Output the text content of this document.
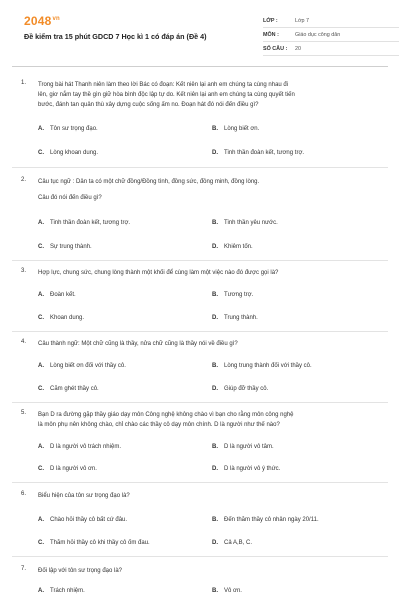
$2048^{vn}$
Đề kiểm tra 15 phút GDCD 7 Học kì 1 có đáp án (Đề 4)
LỚP :	Lớp 7
MÔN :	Giáo dục công dân
SỐ CÂU :	20
1. Trong bài hát Thanh niên làm theo lời Bác có đoạn: Kết niên lại anh em chúng ta cùng nhau đi
lên, giơ nắm tay thề gìn giữ hòa bình độc lập tự do. Kết niên lại anh em chúng ta cùng quyết tiến
bước, đánh tan quân thù xây dựng cuộc sống ấm no. Đoạn hát đó nói đến điều gì?
A. Tôn sư trọng đạo.	B. Lòng biết ơn.
C. Lòng khoan dung.	D. Tinh thần đoàn kết, tương trợ.
2. Câu tục ngữ : Dân ta có một chữ đồng/Đồng tình, đồng sức, đồng minh, đồng lòng.
Câu đó nói đến điều gì?
A. Tinh thần đoàn kết, tương trợ.	B. Tinh thần yêu nước.
C. Sự trung thành.	D. Khiêm tốn.
3. Hợp lực, chung sức, chung lòng thành một khối để cùng làm một việc nào đó được gọi là?
A. Đoàn kết.	B. Tương trợ.
C. Khoan dung.	D. Trung thành.
4. Câu thành ngữ: Một chữ cũng là thầy, nửa chữ cũng là thầy nói về điều gì?
A. Lòng biết ơn đối với thầy cô.	B. Lòng trung thành đối với thầy cô.
C. Căm ghét thầy cô.	D. Giúp đỡ thầy cô.
5. Bạn D ra đường gặp thầy giáo dạy môn Công nghệ không chào vì bạn cho rằng môn công nghệ
là môn phụ nên không chào, chỉ chào các thầy cô dạy môn chính. D là người như thế nào?
A. D là người vô trách nhiệm.	B. D là người vô tâm.
C. D là người vô ơn.	D. D là người vô ý thức.
6. Biểu hiện của tôn sư trọng đạo là?
A. Chào hỏi thầy cô bất cứ đâu.	B. Đến thăm thầy cô nhân ngày 20/11.
C. Thăm hỏi thầy cô khi thầy cô ốm đau.	D. Cả A,B, C.
7. Đối lập với tôn sư trọng đạo là?
A. Trách nhiệm.	B. Vô ơn.
